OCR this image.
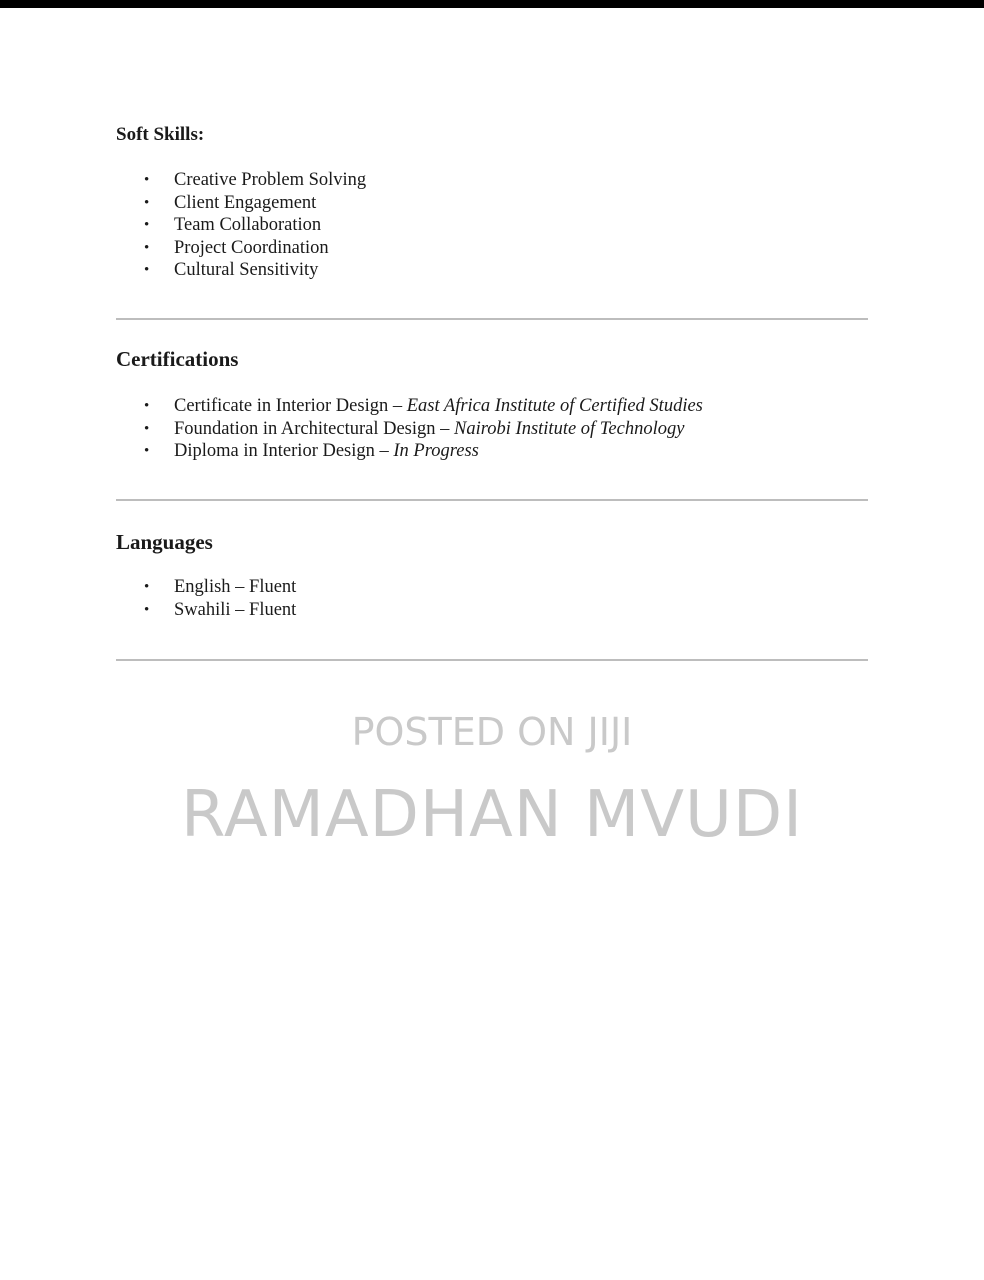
Soft Skills:
• Creative Problem Solving
• Client Engagement
• Team Collaboration
• Project Coordination
• Cultural Sensitivity
Certifications
• Certificate in Interior Design – East Africa Institute of Certified Studies
• Foundation in Architectural Design – Nairobi Institute of Technology
• Diploma in Interior Design – In Progress
Languages
• English – Fluent
• Swahili – Fluent

POSTED ON JIJI

RAMADHAN MVUDI
